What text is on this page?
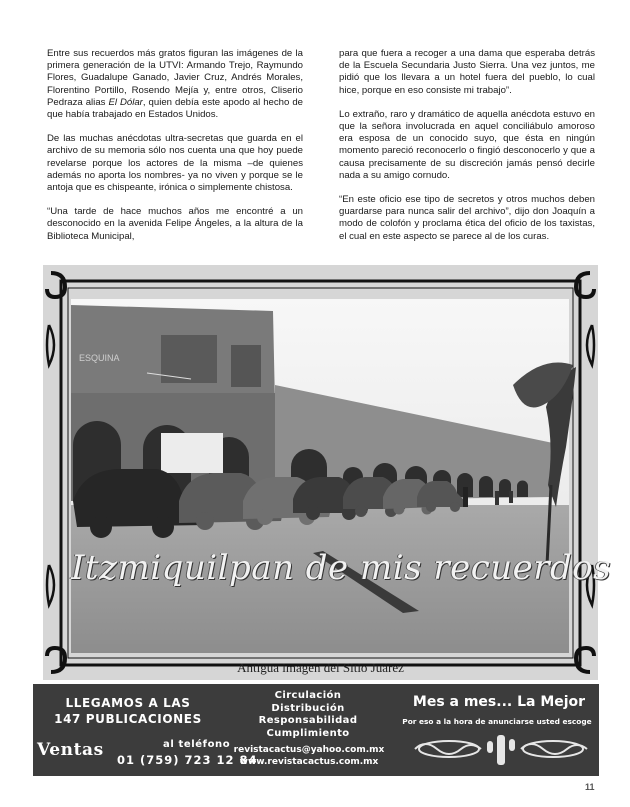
Entre sus recuerdos más gratos figuran las imágenes de la primera generación de la UTVI: Armando Trejo, Raymundo Flores, Guadalupe Ganado, Javier Cruz, Andrés Morales, Florentino Portillo, Rosendo Mejía y, entre otros, Cliserio Pedraza alias El Dólar, quien debía este apodo al hecho de que había trabajado en Estados Unidos.

De las muchas anécdotas ultra-secretas que guarda en el archivo de su memoria sólo nos cuenta una que hoy puede revelarse porque los actores de la misma –de quienes además no aporta los nombres- ya no viven y porque se le antoja que es chispeante, irónica o simplemente chistosa.

“Una tarde de hace muchos años me encontré a un desconocido en la avenida Felipe Ángeles, a la altura de la Biblioteca Municipal,

para que fuera a recoger a una dama que esperaba detrás de la Escuela Secundaria Justo Sierra. Una vez juntos, me pidió que los llevara a un hotel fuera del pueblo, lo cual hice, porque en eso consiste mi trabajo”.

Lo extraño, raro y dramático de aquella anécdota estuvo en que la señora involucrada en aquel conciliábulo amoroso era esposa de un conocido suyo, que ésta en ningún momento pareció reconocerlo o fingió desconocerlo y que a causa precisamente de su discreción jamás pensó decirle nada a su amigo cornudo.

“En este oficio ese tipo de secretos y otros muchos deben guardarse para nunca salir del archivo”, dijo don Joaquín a modo de colofón y proclama ética del oficio de los taxistas, el cual en este aspecto se parece al de los curas.

ESQUINA
Itzmiquilpan de mis recuerdos
Antigua imagen del Sitio Juárez
LLEGAMOS A LAS
147 PUBLICACIONES
Ventas	al teléfono
01 (759) 723 12 84
Circulación
Distribución
Responsabilidad
Cumplimiento
revistacactus@yahoo.com.mx
www.revistacactus.com.mx
Mes a mes... La Mejor
Por eso a la hora de anunciarse usted escoge
11
